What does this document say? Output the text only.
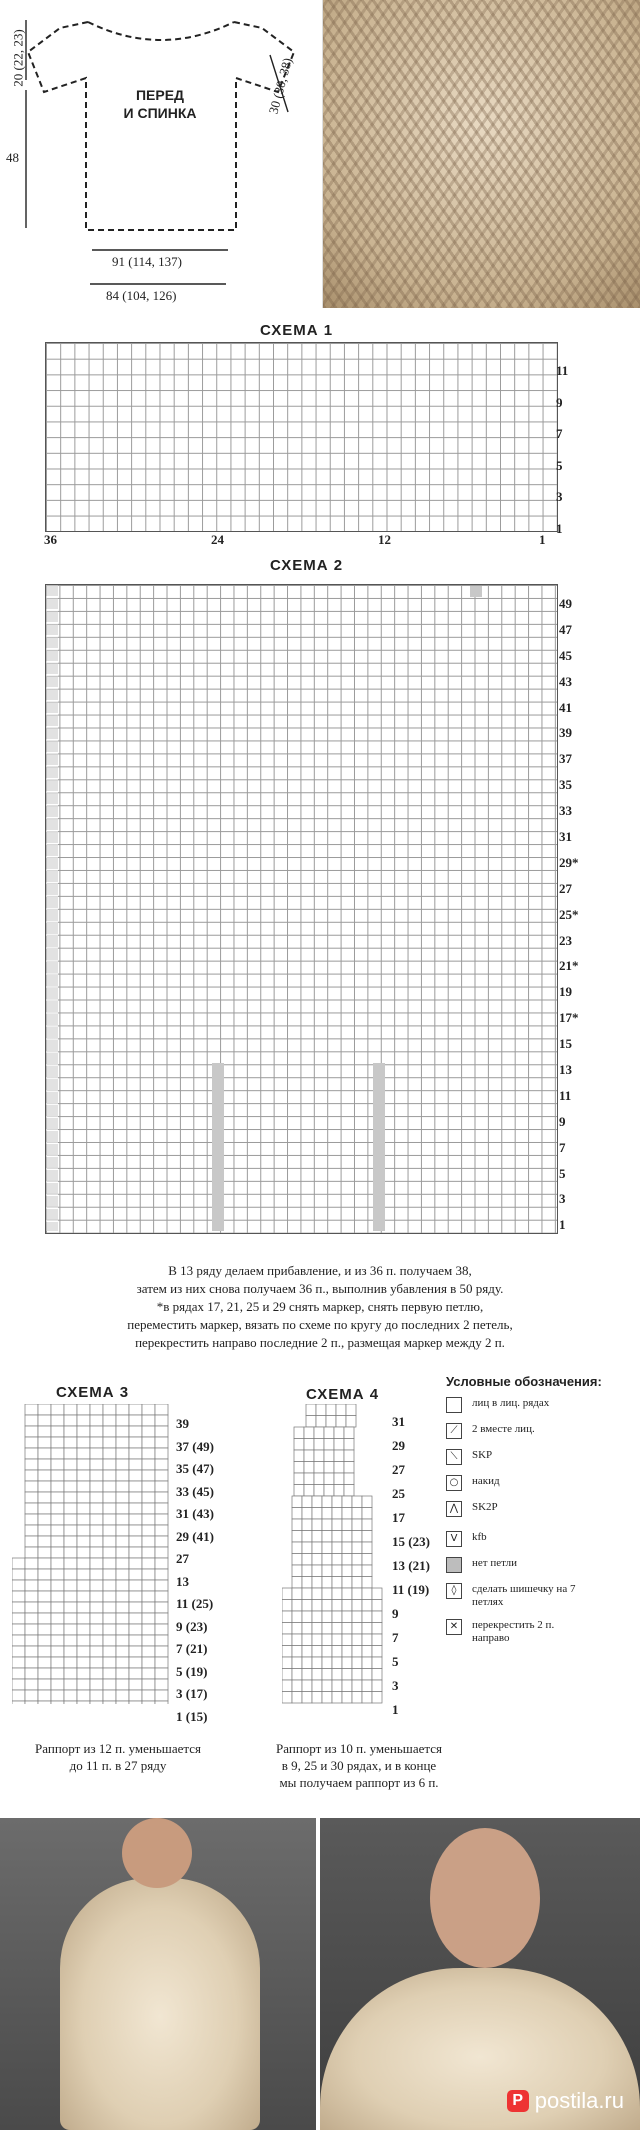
ПЕРЕД
И СПИНКА
20 (22, 23)
48
30 (30, 38)
91 (114, 137)
84 (104, 126)
СХЕМА 1
11
9
7
5
3
1
36	24	12	1
СХЕМА 2
49
47
45
43
41
39
37
35
33
31
29*
27
25*
23
21*
19
17*
15
13
11
9
7
5
3
1
В 13 ряду делаем прибавление, и из 36 п. получаем 38,
затем из них снова получаем 36 п., выполнив убавления в 50 ряду.
*в рядах 17, 21, 25 и 29 снять маркер, снять первую петлю,
переместить маркер, вязать по схеме по кругу до последних 2 петель,
перекрестить направо последние 2 п., размещая маркер между 2 п.
СХЕМА 3
39
37 (49)
35 (47)
33 (45)
31 (43)
29 (41)
27
13
11 (25)
9 (23)
7 (21)
5 (19)
3 (17)
1 (15)
Раппорт из 12 п. уменьшается
до 11 п. в 27 ряду
СХЕМА 4
31
29
27
25
17
15 (23)
13 (21)
11 (19)
9
7
5
3
1
Раппорт из 10 п. уменьшается
в 9, 25 и 30 рядах, и в конце
мы получаем раппорт из 6 п.
Условные обозначения:
лиц в лиц. рядах
⟋	2 вместе лиц.
⟍	SKP
○	накид
⋀	SK2P
V	kfb
нет петли
◊	сделать шишечку на 7 петлях
✕	перекрестить 2 п. направо
P postila.ru
